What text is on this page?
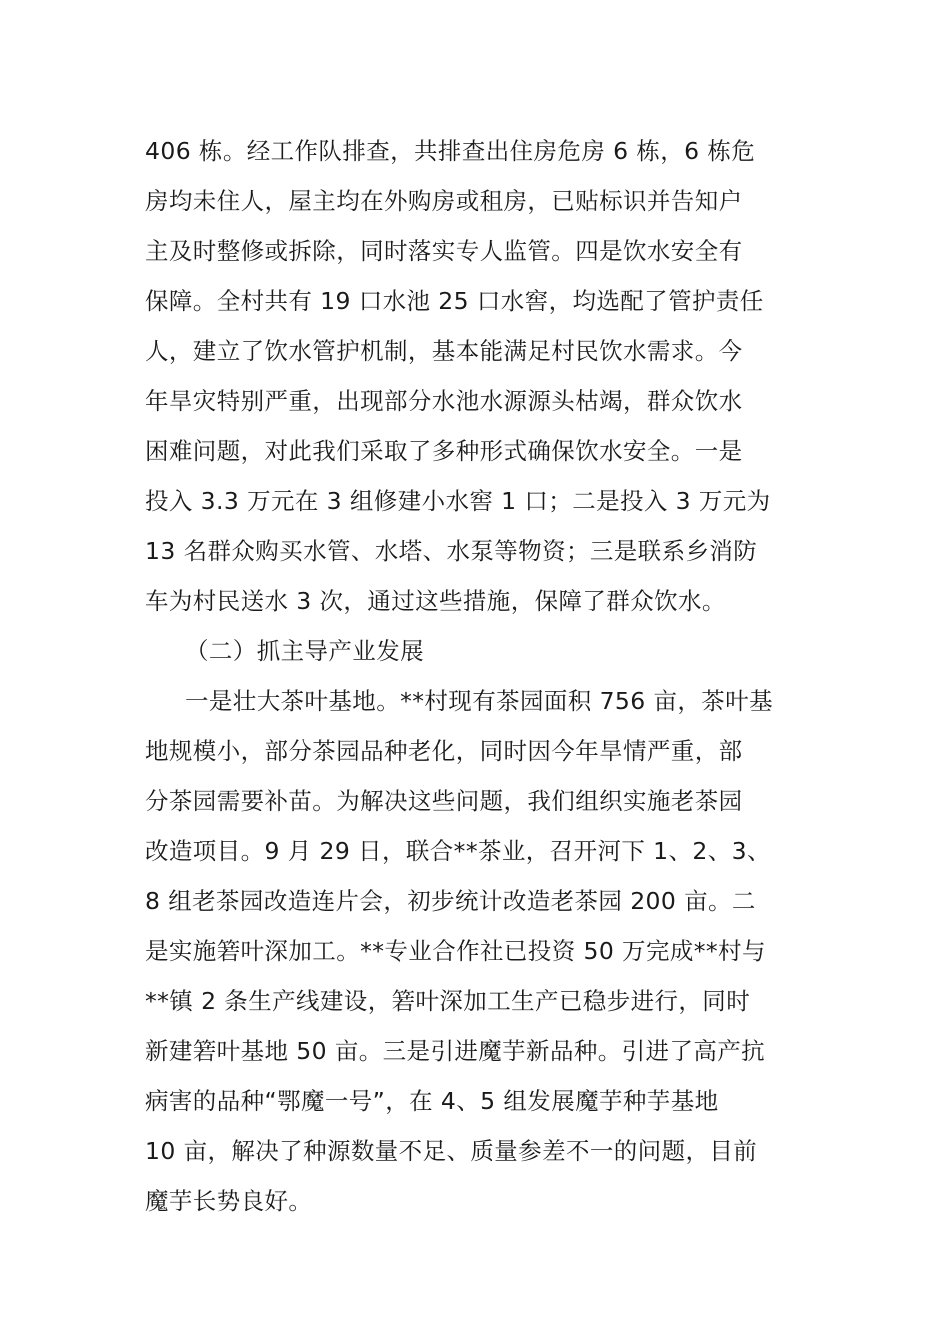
406 栋。经工作队排查，共排查出住房危房 6 栋，6 栋危

房均未住人，屋主均在外购房或租房，已贴标识并告知户

主及时整修或拆除，同时落实专人监管。四是饮水安全有

保障。全村共有 19 口水池 25 口水窖，均选配了管护责任

人，建立了饮水管护机制，基本能满足村民饮水需求。今

年旱灾特别严重，出现部分水池水源源头枯竭，群众饮水

困难问题，对此我们采取了多种形式确保饮水安全。一是

投入 3.3 万元在 3 组修建小水窖 1 口；二是投入 3 万元为

13 名群众购买水管、水塔、水泵等物资；三是联系乡消防

车为村民送水 3 次，通过这些措施，保障了群众饮水。

（二）抓主导产业发展

一是壮大茶叶基地。**村现有茶园面积 756 亩，茶叶基

地规模小，部分茶园品种老化，同时因今年旱情严重，部

分茶园需要补苗。为解决这些问题，我们组织实施老茶园

改造项目。9 月 29 日，联合**茶业，召开河下 1、2、3、

8 组老茶园改造连片会，初步统计改造老茶园 200 亩。二

是实施箬叶深加工。**专业合作社已投资 50 万完成**村与

**镇 2 条生产线建设，箬叶深加工生产已稳步进行，同时

新建箬叶基地 50 亩。三是引进魔芋新品种。引进了高产抗

病害的品种“鄂魔一号”，在 4、5 组发展魔芋种芋基地

10 亩，解决了种源数量不足、质量参差不一的问题，目前

魔芋长势良好。
